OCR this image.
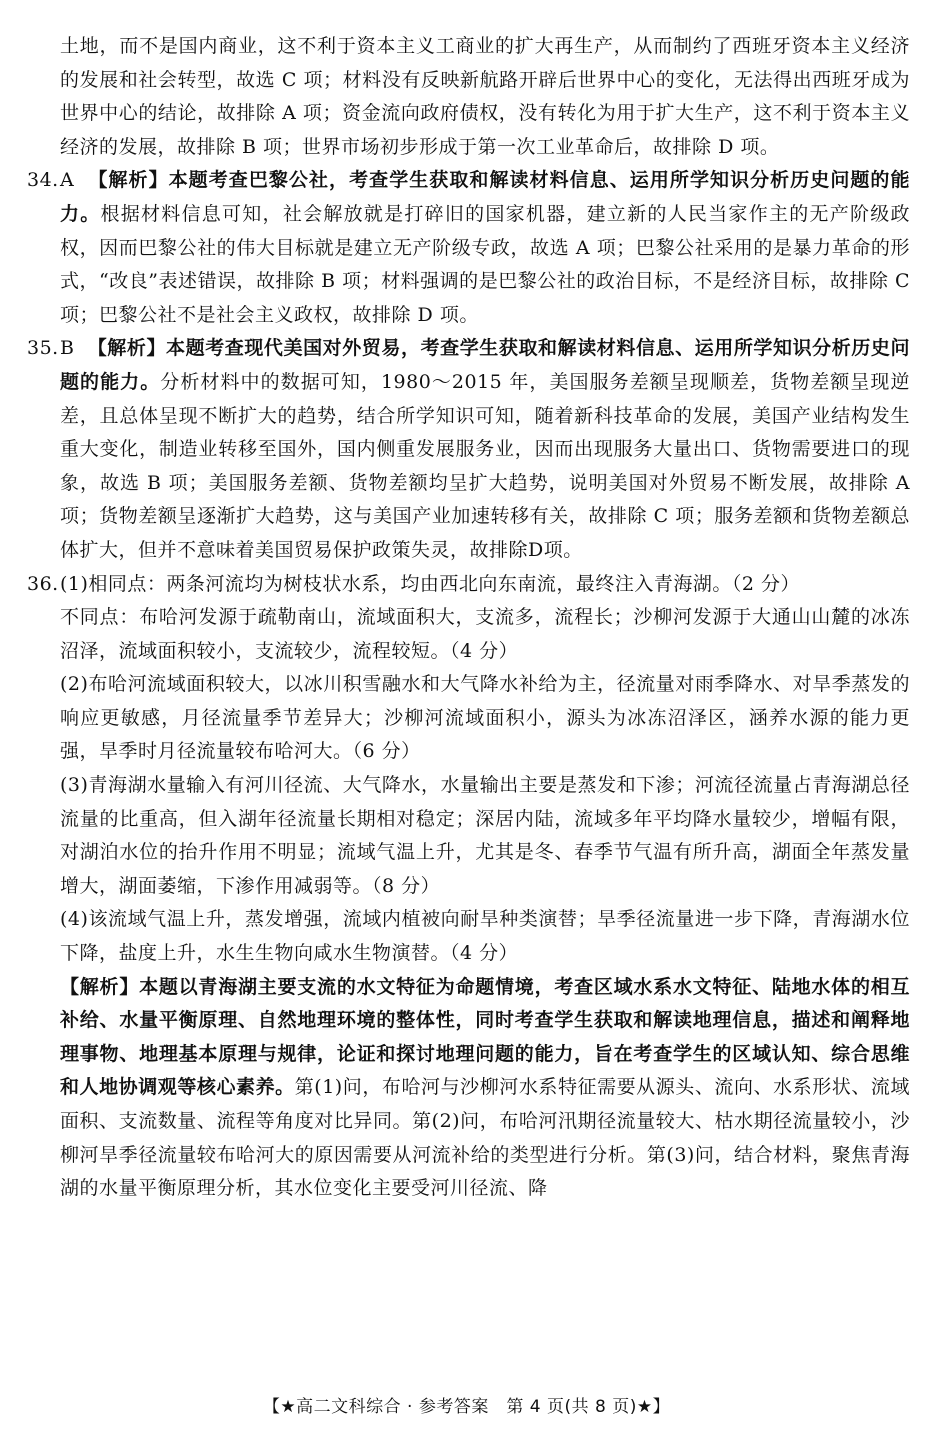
土地，而不是国内商业，这不利于资本主义工商业的扩大再生产，从而制约了西班牙资本主义经济的发展和社会转型，故选 C 项；材料没有反映新航路开辟后世界中心的变化，无法得出西班牙成为世界中心的结论，故排除 A 项；资金流向政府债权，没有转化为用于扩大生产，这不利于资本主义经济的发展，故排除 B 项；世界市场初步形成于第一次工业革命后，故排除 D 项。

34. A 【解析】本题考查巴黎公社，考查学生获取和解读材料信息、运用所学知识分析历史问题的能力。根据材料信息可知，社会解放就是打碎旧的国家机器，建立新的人民当家作主的无产阶级政权，因而巴黎公社的伟大目标就是建立无产阶级专政，故选 A 项；巴黎公社采用的是暴力革命的形式，“改良”表述错误，故排除 B 项；材料强调的是巴黎公社的政治目标，不是经济目标，故排除 C 项；巴黎公社不是社会主义政权，故排除 D 项。
35. B 【解析】本题考查现代美国对外贸易，考查学生获取和解读材料信息、运用所学知识分析历史问题的能力。分析材料中的数据可知，1980～2015 年，美国服务差额呈现顺差，货物差额呈现逆差，且总体呈现不断扩大的趋势，结合所学知识可知，随着新科技革命的发展，美国产业结构发生重大变化，制造业转移至国外，国内侧重发展服务业，因而出现服务大量出口、货物需要进口的现象，故选 B 项；美国服务差额、货物差额均呈扩大趋势，说明美国对外贸易不断发展，故排除 A 项；货物差额呈逐渐扩大趋势，这与美国产业加速转移有关，故排除 C 项；服务差额和货物差额总体扩大，但并不意味着美国贸易保护政策失灵，故排除D项。
36. (1)相同点：两条河流均为树枝状水系，均由西北向东南流，最终注入青海湖。（2 分）

不同点：布哈河发源于疏勒南山，流域面积大，支流多，流程长；沙柳河发源于大通山山麓的冰冻沼泽，流域面积较小，支流较少，流程较短。（4 分）

(2)布哈河流域面积较大，以冰川积雪融水和大气降水补给为主，径流量对雨季降水、对旱季蒸发的响应更敏感，月径流量季节差异大；沙柳河流域面积小，源头为冰冻沼泽区，涵养水源的能力更强，旱季时月径流量较布哈河大。（6 分）

(3)青海湖水量输入有河川径流、大气降水，水量输出主要是蒸发和下渗；河流径流量占青海湖总径流量的比重高，但入湖年径流量长期相对稳定；深居内陆，流域多年平均降水量较少，增幅有限，对湖泊水位的抬升作用不明显；流域气温上升，尤其是冬、春季节气温有所升高，湖面全年蒸发量增大，湖面萎缩，下渗作用减弱等。（8 分）

(4)该流域气温上升，蒸发增强，流域内植被向耐旱种类演替；旱季径流量进一步下降，青海湖水位下降，盐度上升，水生生物向咸水生物演替。（4 分）

【解析】本题以青海湖主要支流的水文特征为命题情境，考查区域水系水文特征、陆地水体的相互补给、水量平衡原理、自然地理环境的整体性，同时考查学生获取和解读地理信息，描述和阐释地理事物、地理基本原理与规律，论证和探讨地理问题的能力，旨在考查学生的区域认知、综合思维和人地协调观等核心素养。第(1)问，布哈河与沙柳河水系特征需要从源头、流向、水系形状、流域面积、支流数量、流程等角度对比异同。第(2)问，布哈河汛期径流量较大、枯水期径流量较小，沙柳河旱季径流量较布哈河大的原因需要从河流补给的类型进行分析。第(3)问，结合材料，聚焦青海湖的水量平衡原理分析，其水位变化主要受河川径流、降

【★高二文科综合 · 参考答案　第 4 页(共 8 页)★】
